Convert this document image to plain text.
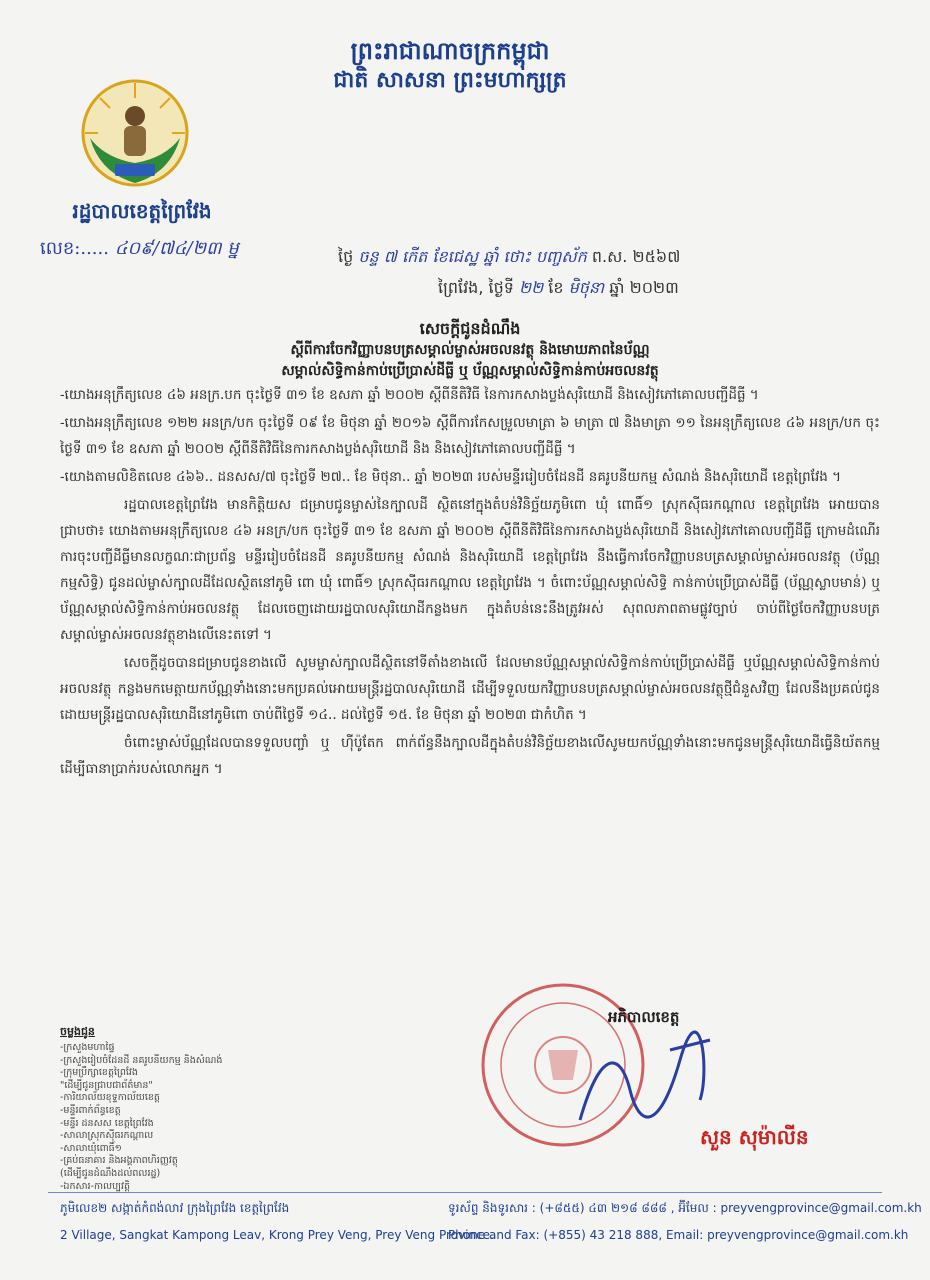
ព្រះរាជាណាចក្រកម្ពុជា
ជាតិ សាសនា ព្រះមហាក្សត្រ
រដ្ឋបាលខេត្តព្រៃវែង
លេខ:..... ៤០៩/៧៤/២៣ ម្ន	ថ្ងៃ ចន្ទ ៧ កើត ខែជេស្ឋ ឆ្នាំ ថោះ បញ្ចស័ក ព.ស. ២៥៦៧
ព្រៃវែង, ថ្ងៃទី ២២ ខែ មិថុនា ឆ្នាំ ២០២៣
សេចក្តីជូនដំណឹង
ស្តីពីការចែកវិញ្ញាបនបត្រសម្គាល់ម្ចាស់អចលនវត្ថុ និងមោឃភាពនៃប័ណ្ណ
សម្គាល់សិទ្ធិកាន់កាប់ប្រើប្រាស់ដីធ្លី ឬ ប័ណ្ណសម្គាល់សិទ្ធិកាន់កាប់អចលនវត្ថុ

-យោងអនុក្រឹត្យលេខ ៤៦ អនក្រ.បក ចុះថ្ងៃទី ៣១ ខែ ឧសភា ឆ្នាំ ២០០២ ស្តីពីនីតិវិធី នៃការកសាងប្លង់សុរិយោដី និងសៀវភៅគោលបញ្ជីដីធ្លី ។

-យោងអនុក្រឹត្យលេខ ១២២ អនក្រ/បក ចុះថ្ងៃទី ០៩ ខែ មិថុនា ឆ្នាំ ២០១៦ ស្តីពីការកែសម្រួលមាត្រា ៦ មាត្រា ៧ និងមាត្រា ១១ នៃអនុក្រឹត្យលេខ ៤៦ អនក្រ/បក ចុះថ្ងៃទី ៣១ ខែ ឧសភា ឆ្នាំ ២០០២ ស្តីពីនីតិវិធីនៃការកសាងប្លង់សុរិយោដី និង និងសៀវភៅគោលបញ្ជីដីធ្លី ។

-យោងតាមលិខិតលេខ ៤៦៦.. ដនសស/៧ ចុះថ្ងៃទី ២៧.. ខែ មិថុនា.. ឆ្នាំ ២០២៣ របស់មន្ទីររៀបចំដែនដី នគរូបនីយកម្ម សំណង់ និងសុរិយោដី ខេត្តព្រៃវែង ។

រដ្ឋបាលខេត្តព្រៃវែង មានកិត្តិយស ជម្រាបជូនម្ចាស់នៃក្បាលដី ស្ថិតនៅក្នុងតំបន់វិនិច្ឆ័យភូមិពោ ឃុំ ពោធិ៍១ ស្រុកស៊ីធរកណ្តាល ខេត្តព្រៃវែង អោយបានជ្រាបថា៖ យោងតាមអនុក្រឹត្យលេខ ៤៦ អនក្រ/បក ចុះថ្ងៃទី ៣១ ខែ ឧសភា ឆ្នាំ ២០០២ ស្តីពីនីតិវិធីនៃការកសាងប្លង់សុរិយោដី និងសៀវភៅគោលបញ្ជីដីធ្លី ក្រោមដំណើរការចុះបញ្ជីដីធ្លីមានលក្ខណៈជាប្រព័ន្ធ មន្ទីររៀបចំដែនដី នគរូបនីយកម្ម សំណង់ និងសុរិយោដី ខេត្តព្រៃវែង នឹងធ្វើការចែកវិញ្ញាបនបត្រសម្គាល់ម្ចាស់អចលនវត្ថុ (ប័ណ្ណកម្មសិទ្ធិ) ជូនដល់ម្ចាស់ក្បាលដីដែលស្ថិតនៅភូមិ ពោ ឃុំ ពោធិ៍១ ស្រុកស៊ីធរកណ្តាល ខេត្តព្រៃវែង ។ ចំពោះប័ណ្ណសម្គាល់សិទ្ធិ កាន់កាប់ប្រើប្រាស់ដីធ្លី (ប័ណ្ណស្លាបមាន់) ឬ ប័ណ្ណសម្គាល់សិទ្ធិកាន់កាប់អចលនវត្ថុ ដែលចេញដោយរដ្ឋបាលសុរិយោដីកន្លងមក ក្នុងតំបន់នេះនឹងត្រូវអស់ សុពលភាពតាមផ្លូវច្បាប់ ចាប់ពីថ្ងៃចែកវិញ្ញាបនបត្រសម្គាល់ម្ចាស់អចលនវត្ថុខាងលើនេះតទៅ ។

សេចក្តីដូចបានជម្រាបជូនខាងលើ សូមម្ចាស់ក្បាលដីស្ថិតនៅទីតាំងខាងលើ ដែលមានប័ណ្ណសម្គាល់សិទ្ធិកាន់កាប់ប្រើប្រាស់ដីធ្លី ឬប័ណ្ណសម្គាល់សិទ្ធិកាន់កាប់អចលនវត្ថុ កន្លងមកមេត្តាយកប័ណ្ណទាំងនោះមកប្រគល់អោយមន្ត្រីរដ្ឋបាលសុរិយោដី ដើម្បីទទួលយកវិញ្ញាបនបត្រសម្គាល់ម្ចាស់អចលនវត្ថុថ្មីជំនួសវិញ ដែលនឹងប្រគល់ជូនដោយមន្ត្រីរដ្ឋបាលសុរិយោដីនៅភូមិពោ ចាប់ពីថ្ងៃទី ១៤.. ដល់ថ្ងៃទី ១៥. ខែ មិថុនា ឆ្នាំ ២០២៣ ជាកំហិត ។

ចំពោះម្ចាស់ប័ណ្ណដែលបានទទួលបញ្ចាំ ឬ ហ៊ីប៉ូតែក ពាក់ព័ន្ធនឹងក្បាលដីក្នុងតំបន់វិនិច្ឆ័យខាងលើសូមយកប័ណ្ណទាំងនោះមកជូនមន្ត្រីសុរិយោដីធ្វើនិយ័តកម្មដើម្បីធានាប្រាក់របស់លោកអ្នក ។

អភិបាលខេត្ត
សួន សុម៉ាលីន
ចម្លងជូន
-ក្រសួងមហាផ្ទៃ
-ក្រសួងរៀបចំដែនដី នគរូបនីយកម្ម និងសំណង់
-ក្រុមប្រឹក្សាខេត្តព្រៃវែង
"ដើម្បីជូនជ្រាបជាព័ត៌មាន"
-ការិយាល័យខុទ្ទកាល័យខេត្ត
-មន្ទីរពាក់ព័ន្ធខេត្ត
-មន្ទីរ ដនសស ខេត្តព្រៃវែង
-សាលាស្រុកស៊ីធរកណ្តាល
-សាលាឃុំពោធិ៍១
-គ្រប់ធនាគារ និងអង្គភាពហិរញ្ញវត្ថុ
(ដើម្បីជូនដំណឹងដល់ពលរដ្ឋ)
-ឯកសារ-កាលប្បវត្តិ
ភូមិលេខ២ សង្កាត់កំពង់លាវ ក្រុងព្រៃវែង ខេត្តព្រៃវែង
2 Village, Sangkat Kampong Leav, Krong Prey Veng, Prey Veng Province.
ទូរស័ព្ទ និងទូរសារ : (+៨៥៥) ៤៣ ២១៨ ៨៨៨ , អ៊ីមែល : preyvengprovince@gmail.com.kh
Phone and Fax: (+855) 43 218 888, Email: preyvengprovince@gmail.com.kh
